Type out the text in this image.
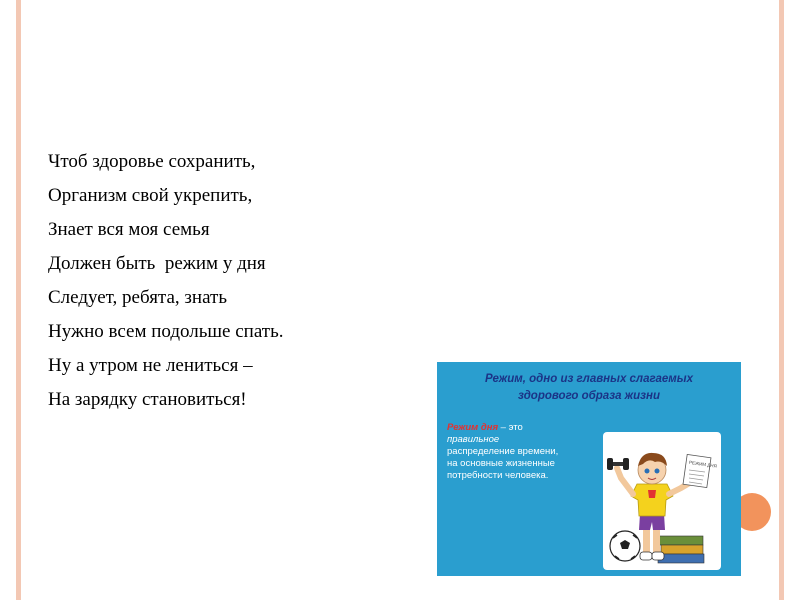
Чтоб здоровье сохранить,
Организм свой укрепить,
Знает вся моя семья
Должен быть  режим у дня
Следует, ребята, знать
Нужно всем подольше спать.
Ну а утром не лениться –
На зарядку становиться!
Режим, одно из главных слагаемых
здорового образа жизни
Режим дня – это
правильное
распределение времени,
на основные жизненные
потребности человека.
РЕЖИМ ДНЯ
